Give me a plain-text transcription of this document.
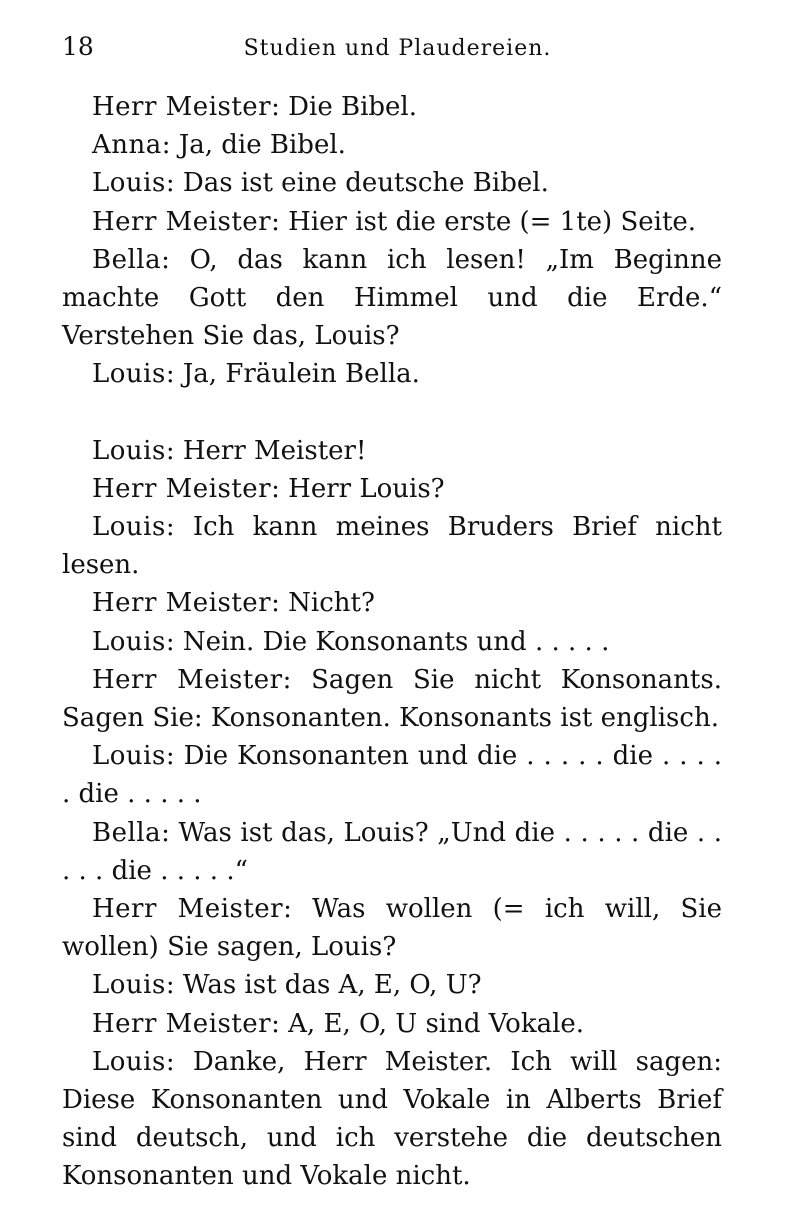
18	Studien und Plaudereien.

Herr Meister: Die Bibel.

Anna: Ja, die Bibel.

Louis: Das ist eine deutsche Bibel.

Herr Meister: Hier ist die erste (= 1te) Seite.

Bella: O, das kann ich lesen! „Im Beginne machte Gott den Himmel und die Erde.“ Verstehen Sie das, Louis?

Louis: Ja, Fräulein Bella.

Louis: Herr Meister!

Herr Meister: Herr Louis?

Louis: Ich kann meines Bruders Brief nicht lesen.

Herr Meister: Nicht?

Louis: Nein. Die Konsonants und . . . . .

Herr Meister: Sagen Sie nicht Konsonants. Sagen Sie: Konsonanten. Konsonants ist englisch.

Louis: Die Konsonanten und die . . . . . die . . . . . die . . . . .

Bella: Was ist das, Louis? „Und die . . . . . die . . . . . die . . . . .“

Herr Meister: Was wollen (= ich will, Sie wollen) Sie sagen, Louis?

Louis: Was ist das A, E, O, U?

Herr Meister: A, E, O, U sind Vokale.

Louis: Danke, Herr Meister. Ich will sagen: Diese Konsonanten und Vokale in Alberts Brief sind deutsch, und ich verstehe die deutschen Konsonanten und Vokale nicht.
